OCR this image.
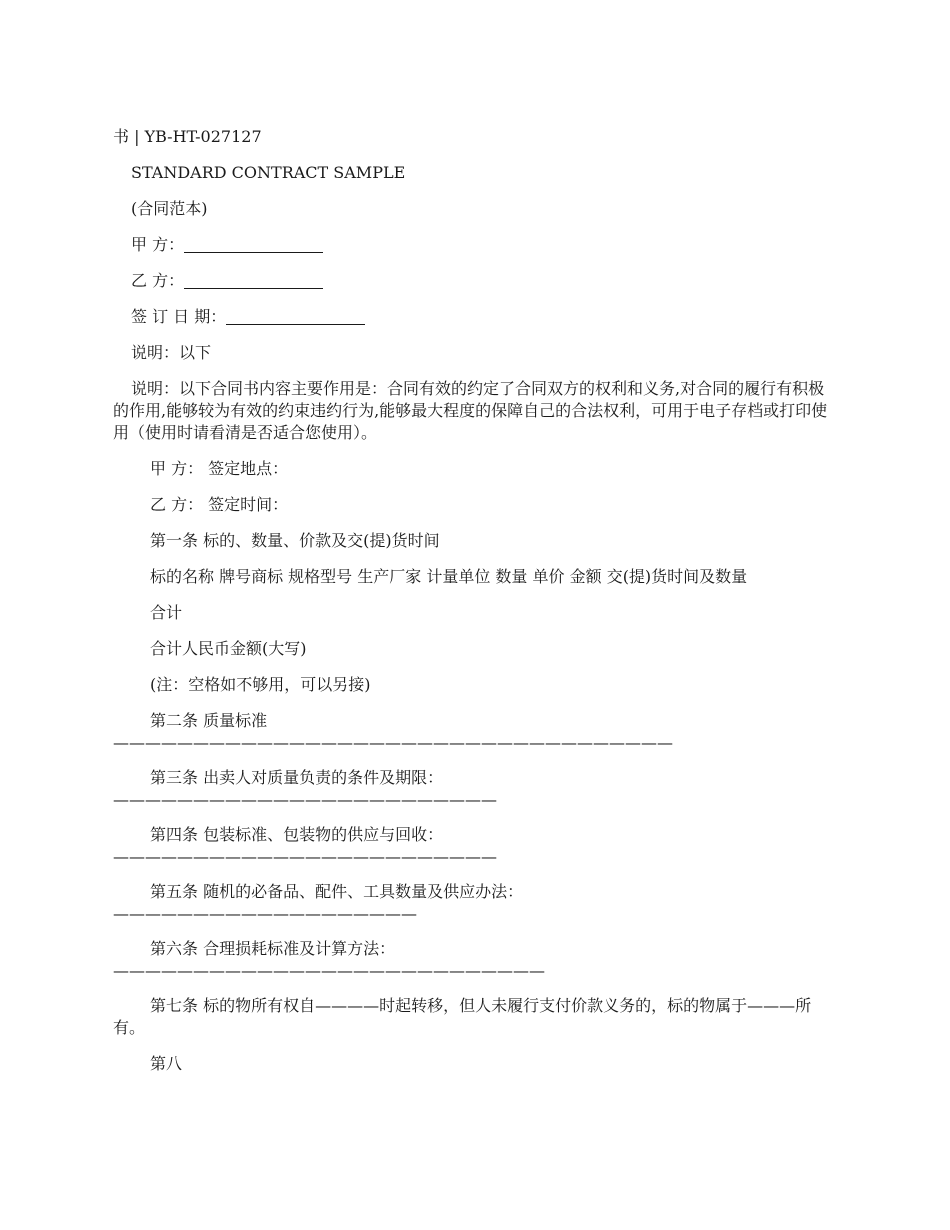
书 | YB-HT-027127

STANDARD CONTRACT SAMPLE

(合同范本)

甲 方：

乙 方：

签 订 日 期：

说明：以下

说明：以下合同书内容主要作用是：合同有效的约定了合同双方的权利和义务,对合同的履行有积极的作用,能够较为有效的约束违约行为,能够最大程度的保障自己的合法权利，可用于电子存档或打印使用（使用时请看清是否适合您使用）。

甲 方： 签定地点：

乙 方： 签定时间：

第一条 标的、数量、价款及交(提)货时间

标的名称 牌号商标 规格型号 生产厂家 计量单位 数量 单价 金额 交(提)货时间及数量

合计

合计人民币金额(大写)

(注：空格如不够用，可以另接)

第二条 质量标准

———————————————————————————————————

第三条 出卖人对质量负责的条件及期限：

————————————————————————

第四条 包装标准、包装物的供应与回收：

————————————————————————

第五条 随机的必备品、配件、工具数量及供应办法：

———————————————————

第六条 合理损耗标准及计算方法：

———————————————————————————

第七条 标的物所有权自————时起转移，但人未履行支付价款义务的，标的物属于———所有。

第八
